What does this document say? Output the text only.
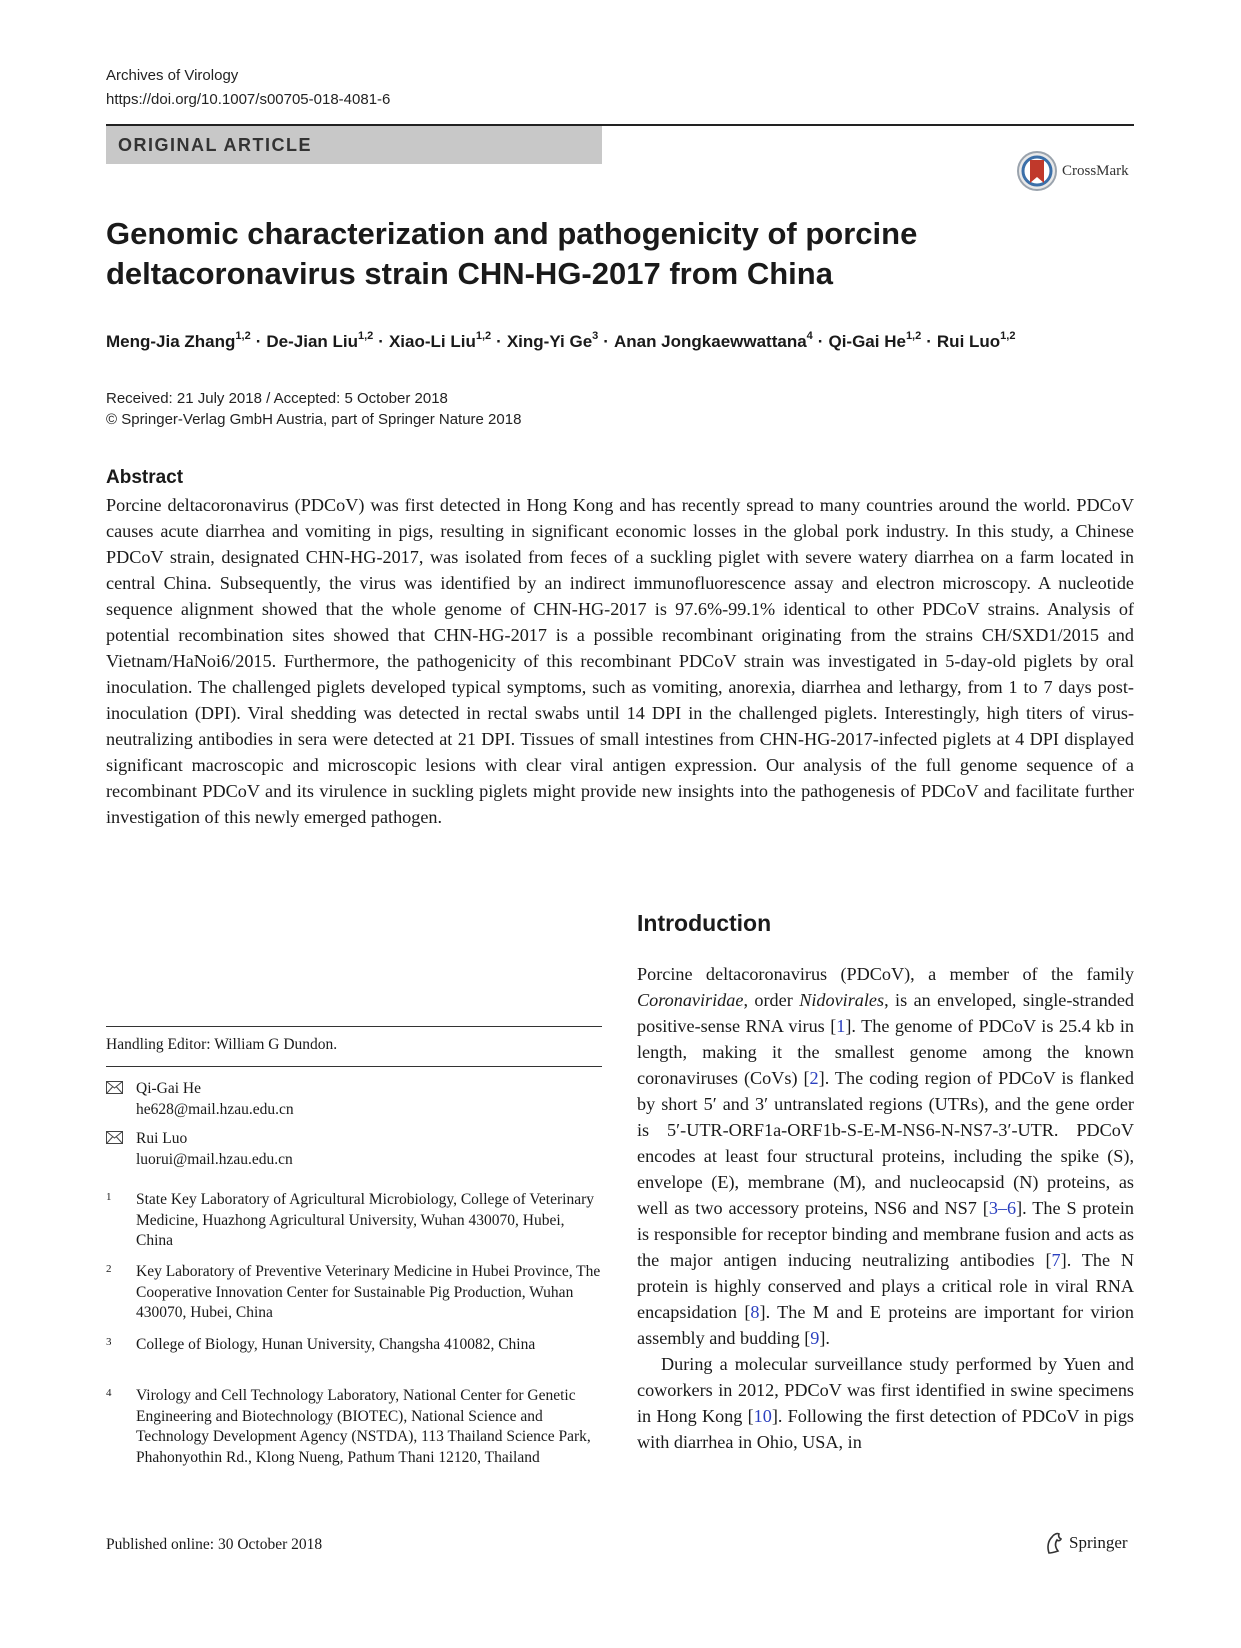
Archives of Virology
https://doi.org/10.1007/s00705-018-4081-6
ORIGINAL ARTICLE
CrossMark
Genomic characterization and pathogenicity of porcine
deltacoronavirus strain CHN-HG-2017 from China
Meng-Jia Zhang$^{1,2}$ · De-Jian Liu$^{1,2}$ · Xiao-Li Liu$^{1,2}$ · Xing-Yi $Ge^3$ · Anan Jongkaewwattana$^4$ · Qi-Gai He$^{1,2}$ · Rui Luo$^{1,2}$
Received: 21 July 2018 / Accepted: 5 October 2018
© Springer-Verlag GmbH Austria, part of Springer Nature 2018
Abstract
Porcine deltacoronavirus (PDCoV) was first detected in Hong Kong and has recently spread to many countries around the world. PDCoV causes acute diarrhea and vomiting in pigs, resulting in significant economic losses in the global pork industry. In this study, a Chinese PDCoV strain, designated CHN-HG-2017, was isolated from feces of a suckling piglet with severe watery diarrhea on a farm located in central China. Subsequently, the virus was identified by an indirect immunofluorescence assay and electron microscopy. A nucleotide sequence alignment showed that the whole genome of CHN-HG-2017 is 97.6%-99.1% identical to other PDCoV strains. Analysis of potential recombination sites showed that CHN-HG-2017 is a possible recombinant originating from the strains CH/SXD1/2015 and Vietnam/HaNoi6/2015. Furthermore, the pathogenicity of this recombinant PDCoV strain was investigated in 5-day-old piglets by oral inoculation. The challenged piglets developed typical symptoms, such as vomiting, anorexia, diarrhea and lethargy, from 1 to 7 days post-inoculation (DPI). Viral shedding was detected in rectal swabs until 14 DPI in the challenged piglets. Interestingly, high titers of virus-neutralizing antibodies in sera were detected at 21 DPI. Tissues of small intestines from CHN-HG-2017-infected piglets at 4 DPI displayed significant macroscopic and microscopic lesions with clear viral antigen expression. Our analysis of the full genome sequence of a recombinant PDCoV and its virulence in suckling piglets might provide new insights into the pathogenesis of PDCoV and facilitate further investigation of this newly emerged pathogen.
Introduction

Porcine deltacoronavirus (PDCoV), a member of the family Coronaviridae, order Nidovirales, is an enveloped, single-stranded positive-sense RNA virus [1]. The genome of PDCoV is 25.4 kb in length, making it the smallest genome among the known coronaviruses (CoVs) [2]. The coding region of PDCoV is flanked by short 5′ and 3′ untranslated regions (UTRs), and the gene order is 5′-UTR-ORF1a-ORF1b-S-E-M-NS6-N-NS7-3′-UTR. PDCoV encodes at least four structural proteins, including the spike (S), envelope (E), membrane (M), and nucleocapsid (N) proteins, as well as two accessory proteins, NS6 and NS7 [3–6]. The S protein is responsible for receptor binding and membrane fusion and acts as the major antigen inducing neutralizing antibodies [7]. The N protein is highly conserved and plays a critical role in viral RNA encapsidation [8]. The M and E proteins are important for virion assembly and budding [9].

During a molecular surveillance study performed by Yuen and coworkers in 2012, PDCoV was first identified in swine specimens in Hong Kong [10]. Following the first detection of PDCoV in pigs with diarrhea in Ohio, USA, in

Handling Editor: William G Dundon.
Qi-Gai He
he628@mail.hzau.edu.cn
Rui Luo
luorui@mail.hzau.edu.cn
1 State Key Laboratory of Agricultural Microbiology, College of Veterinary Medicine, Huazhong Agricultural University, Wuhan 430070, Hubei, China
2 Key Laboratory of Preventive Veterinary Medicine in Hubei Province, The Cooperative Innovation Center for Sustainable Pig Production, Wuhan 430070, Hubei, China
3 College of Biology, Hunan University, Changsha 410082, China
4 Virology and Cell Technology Laboratory, National Center for Genetic Engineering and Biotechnology (BIOTEC), National Science and Technology Development Agency (NSTDA), 113 Thailand Science Park, Phahonyothin Rd., Klong Nueng, Pathum Thani 12120, Thailand
Published online: 30 October 2018	Springer
